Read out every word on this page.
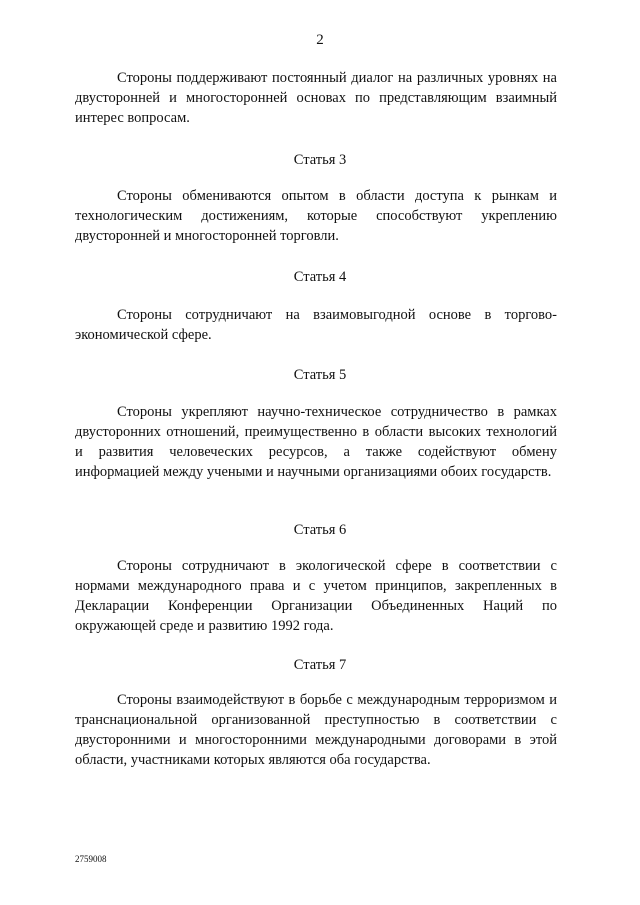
2

Стороны поддерживают постоянный диалог на различных уровнях на двусторонней и многосторонней основах по представляющим взаимный интерес вопросам.

Статья 3

Стороны обмениваются опытом в области доступа к рынкам и технологическим достижениям, которые способствуют укреплению двусторонней и многосторонней торговли.

Статья 4

Стороны сотрудничают на взаимовыгодной основе в торгово-экономической сфере.

Статья 5

Стороны укрепляют научно-техническое сотрудничество в рамках двусторонних отношений, преимущественно в области высоких технологий и развития человеческих ресурсов, а также содействуют обмену информацией между учеными и научными организациями обоих государств.

Статья 6

Стороны сотрудничают в экологической сфере в соответствии с нормами международного права и с учетом принципов, закрепленных в Декларации Конференции Организации Объединенных Наций по окружающей среде и развитию 1992 года.

Статья 7

Стороны взаимодействуют в борьбе с международным терроризмом и транснациональной организованной преступностью в соответствии с двусторонними и многосторонними международными договорами в этой области, участниками которых являются оба государства.

2759008
